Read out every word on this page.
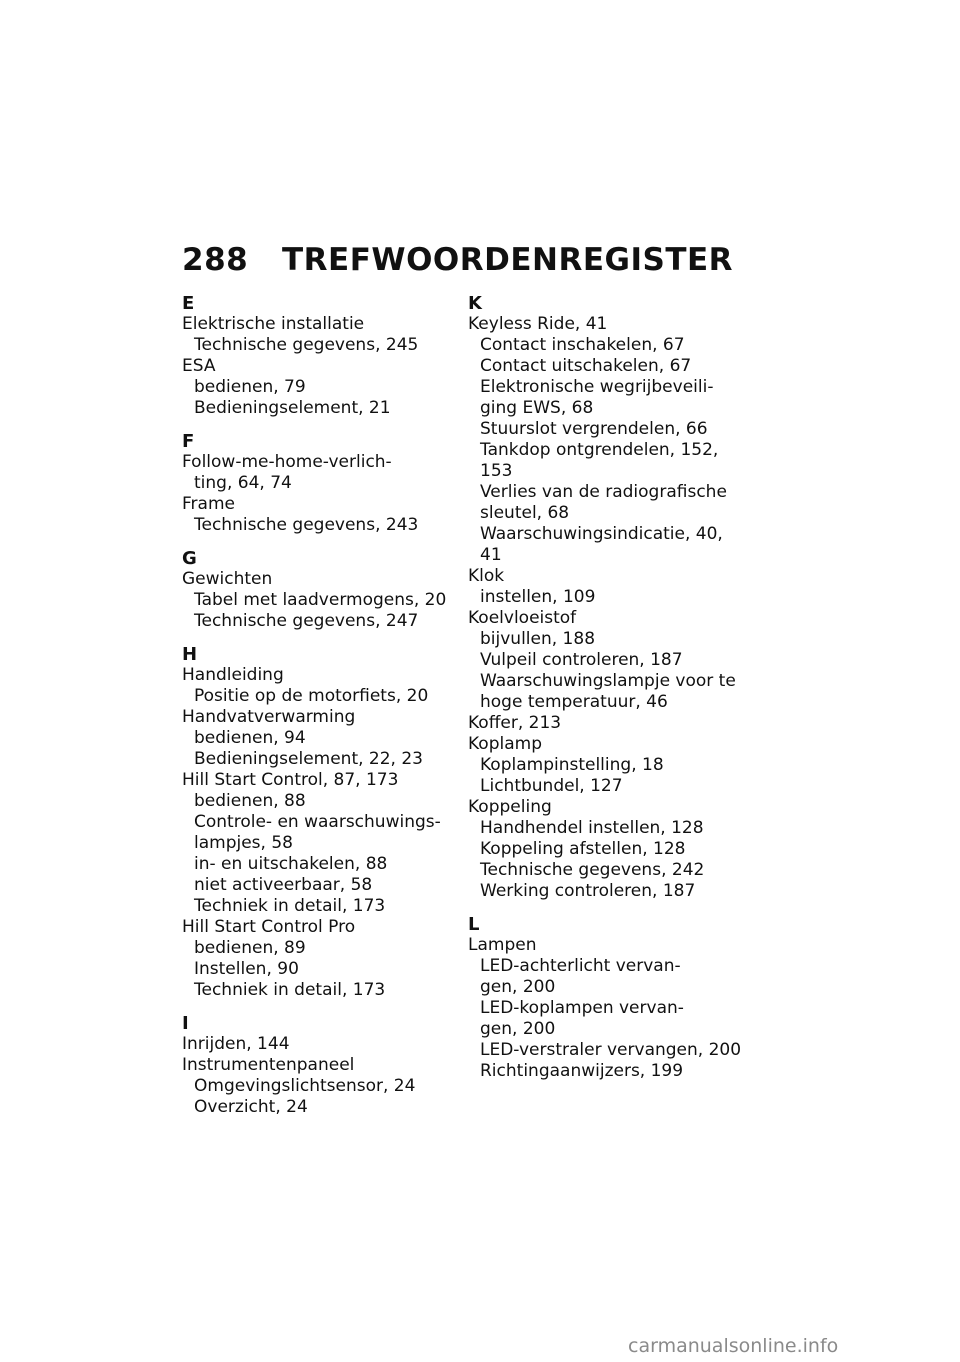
288 TREFWOORDENREGISTER
E
Elektrische installatie
Technische gegevens, 245
ESA
bedienen, 79
Bedieningselement, 21
F
Follow-me-home-verlich-
ting, 64, 74
Frame
Technische gegevens, 243
G
Gewichten
Tabel met laadvermogens, 20
Technische gegevens, 247
H
Handleiding
Positie op de motorfiets, 20
Handvatverwarming
bedienen, 94
Bedieningselement, 22, 23
Hill Start Control, 87, 173
bedienen, 88
Controle- en waarschuwings-
lampjes, 58
in- en uitschakelen, 88
niet activeerbaar, 58
Techniek in detail, 173
Hill Start Control Pro
bedienen, 89
Instellen, 90
Techniek in detail, 173
I
Inrijden, 144
Instrumentenpaneel
Omgevingslichtsensor, 24
Overzicht, 24
K
Keyless Ride, 41
Contact inschakelen, 67
Contact uitschakelen, 67
Elektronische wegrijbeveili-
ging EWS, 68
Stuurslot vergrendelen, 66
Tankdop ontgrendelen, 152,
153
Verlies van de radiografische
sleutel, 68
Waarschuwingsindicatie, 40,
41
Klok
instellen, 109
Koelvloeistof
bijvullen, 188
Vulpeil controleren, 187
Waarschuwingslampje voor te
hoge temperatuur, 46
Koffer, 213
Koplamp
Koplampinstelling, 18
Lichtbundel, 127
Koppeling
Handhendel instellen, 128
Koppeling afstellen, 128
Technische gegevens, 242
Werking controleren, 187
L
Lampen
LED-achterlicht vervan-
gen, 200
LED-koplampen vervan-
gen, 200
LED-verstraler vervangen, 200
Richtingaanwijzers, 199
carmanualsonline.info
